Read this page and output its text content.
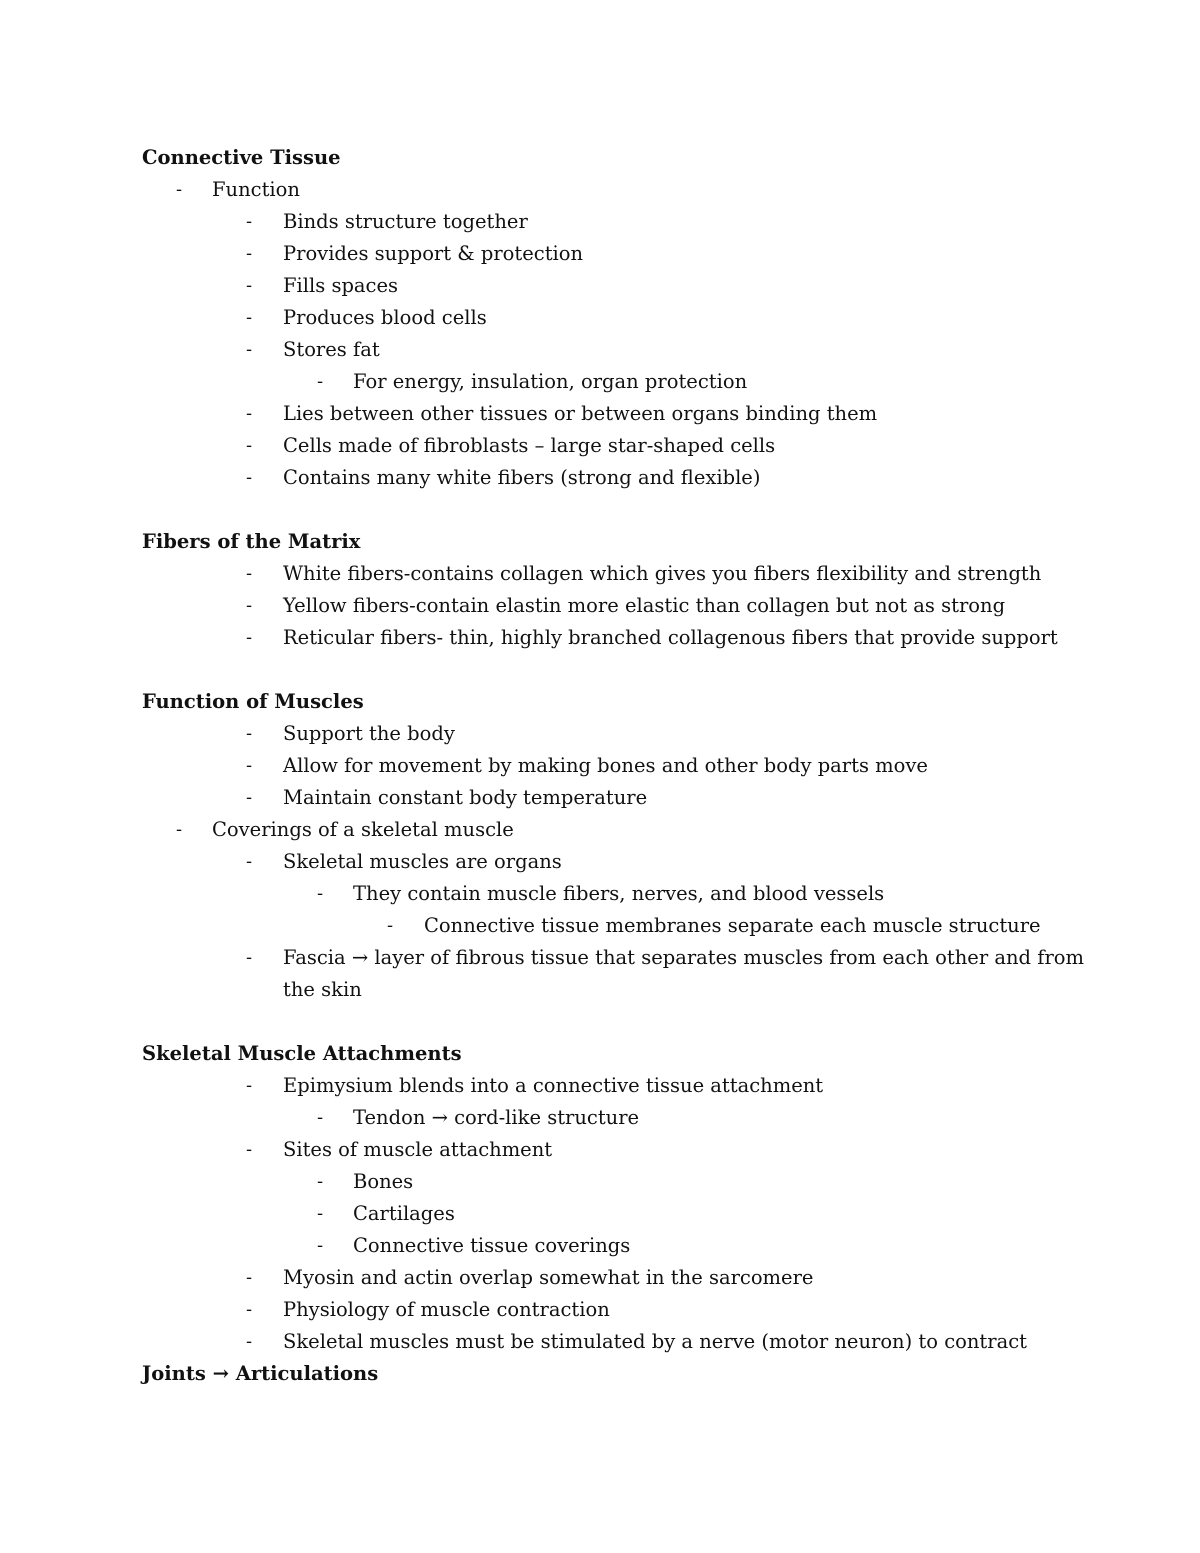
Connective Tissue
- Function
- Binds structure together
- Provides support & protection
- Fills spaces
- Produces blood cells
- Stores fat
- For energy, insulation, organ protection
- Lies between other tissues or between organs binding them
- Cells made of fibroblasts – large star-shaped cells
- Contains many white fibers (strong and flexible)
Fibers of the Matrix
- White fibers-contains collagen which gives you fibers flexibility and strength
- Yellow fibers-contain elastin more elastic than collagen but not as strong
- Reticular fibers- thin, highly branched collagenous fibers that provide support
Function of Muscles
- Support the body
- Allow for movement by making bones and other body parts move
- Maintain constant body temperature
- Coverings of a skeletal muscle
- Skeletal muscles are organs
- They contain muscle fibers, nerves, and blood vessels
- Connective tissue membranes separate each muscle structure
- Fascia → layer of fibrous tissue that separates muscles from each other and from
the skin
Skeletal Muscle Attachments
- Epimysium blends into a connective tissue attachment
- Tendon → cord-like structure
- Sites of muscle attachment
- Bones
- Cartilages
- Connective tissue coverings
- Myosin and actin overlap somewhat in the sarcomere
- Physiology of muscle contraction
- Skeletal muscles must be stimulated by a nerve (motor neuron) to contract
Joints → Articulations
